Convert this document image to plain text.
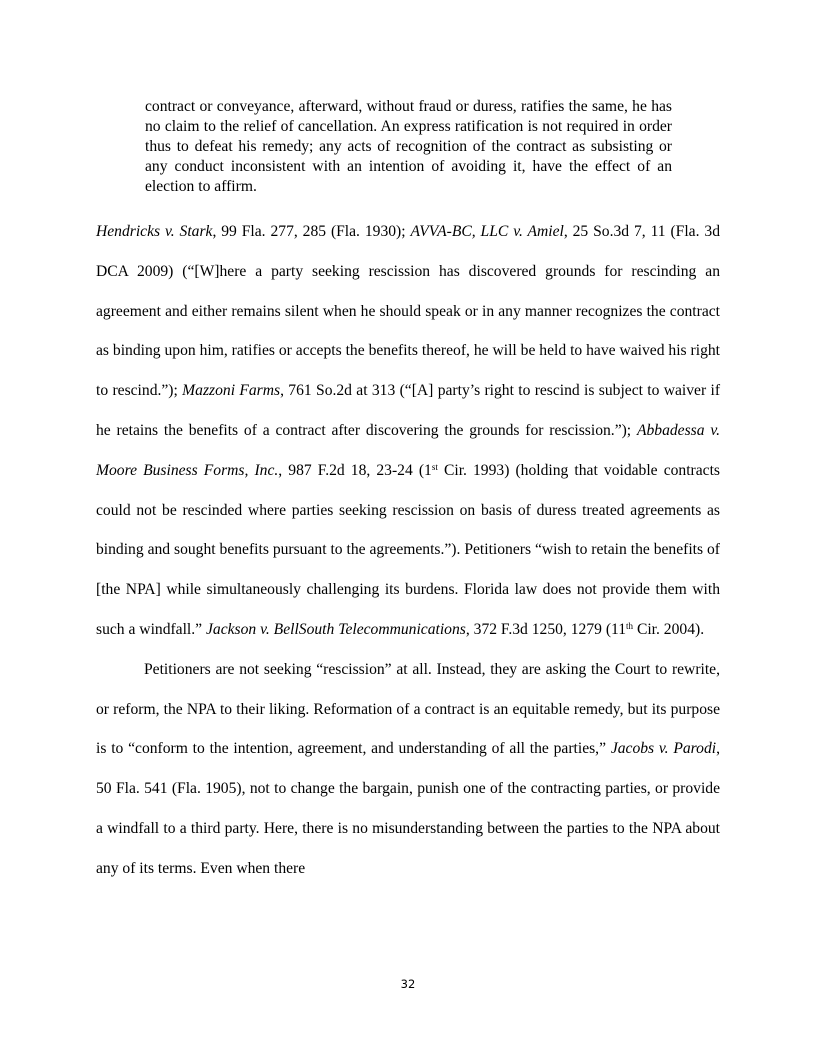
contract or conveyance, afterward, without fraud or duress, ratifies the same, he has no claim to the relief of cancellation. An express ratification is not required in order thus to defeat his remedy; any acts of recognition of the contract as subsisting or any conduct inconsistent with an intention of avoiding it, have the effect of an election to affirm.

Hendricks v. Stark, 99 Fla. 277, 285 (Fla. 1930); AVVA-BC, LLC v. Amiel, 25 So.3d 7, 11 (Fla. 3d DCA 2009) (“[W]here a party seeking rescission has discovered grounds for rescinding an agreement and either remains silent when he should speak or in any manner recognizes the contract as binding upon him, ratifies or accepts the benefits thereof, he will be held to have waived his right to rescind.”); Mazzoni Farms, 761 So.2d at 313 (“[A] party’s right to rescind is subject to waiver if he retains the benefits of a contract after discovering the grounds for rescission.”); Abbadessa v. Moore Business Forms, Inc., 987 F.2d 18, 23-24 (1st Cir. 1993) (holding that voidable contracts could not be rescinded where parties seeking rescission on basis of duress treated agreements as binding and sought benefits pursuant to the agreements.”). Petitioners “wish to retain the benefits of [the NPA] while simultaneously challenging its burdens. Florida law does not provide them with such a windfall.” Jackson v. BellSouth Telecommunications, 372 F.3d 1250, 1279 (11th Cir. 2004).

Petitioners are not seeking “rescission” at all. Instead, they are asking the Court to rewrite, or reform, the NPA to their liking. Reformation of a contract is an equitable remedy, but its purpose is to “conform to the intention, agreement, and understanding of all the parties,” Jacobs v. Parodi, 50 Fla. 541 (Fla. 1905), not to change the bargain, punish one of the contracting parties, or provide a windfall to a third party. Here, there is no misunderstanding between the parties to the NPA about any of its terms. Even when there

32
